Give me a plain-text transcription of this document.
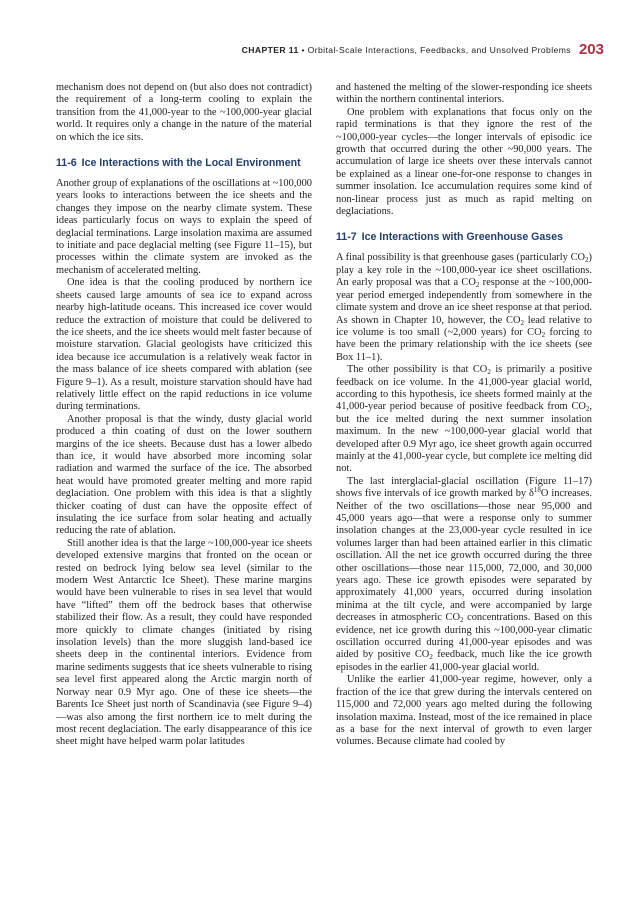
CHAPTER 11 • Orbital-Scale Interactions, Feedbacks, and Unsolved Problems 203

mechanism does not depend on (but also does not contradict) the requirement of a long-term cooling to explain the transition from the 41,000-year to the ~100,000-year glacial world. It requires only a change in the nature of the material on which the ice sits.

11-6 Ice Interactions with the Local Environment

Another group of explanations of the oscillations at ~100,000 years looks to interactions between the ice sheets and the changes they impose on the nearby climate system. These ideas particularly focus on ways to explain the speed of deglacial terminations. Large insolation maxima are assumed to initiate and pace deglacial melting (see Figure 11–15), but processes within the climate system are invoked as the mechanism of accelerated melting.

One idea is that the cooling produced by northern ice sheets caused large amounts of sea ice to expand across nearby high-latitude oceans. This increased ice cover would reduce the extraction of moisture that could be delivered to the ice sheets, and the ice sheets would melt faster because of moisture starvation. Glacial geologists have criticized this idea because ice accumulation is a relatively weak factor in the mass balance of ice sheets compared with ablation (see Figure 9–1). As a result, moisture starvation should have had relatively little effect on the rapid reductions in ice volume during terminations.

Another proposal is that the windy, dusty glacial world produced a thin coating of dust on the lower southern margins of the ice sheets. Because dust has a lower albedo than ice, it would have absorbed more incoming solar radiation and warmed the surface of the ice. The absorbed heat would have promoted greater melting and more rapid deglaciation. One problem with this idea is that a slightly thicker coating of dust can have the opposite effect of insulating the ice surface from solar heating and actually reducing the rate of ablation.

Still another idea is that the large ~100,000-year ice sheets developed extensive margins that fronted on the ocean or rested on bedrock lying below sea level (similar to the modern West Antarctic Ice Sheet). These marine margins would have been vulnerable to rises in sea level that would have “lifted” them off the bedrock bases that otherwise stabilized their flow. As a result, they could have responded more quickly to climate changes (initiated by rising insolation levels) than the more sluggish land-based ice sheets deep in the continental interiors. Evidence from marine sediments suggests that ice sheets vulnerable to rising sea level first appeared along the Arctic margin north of Norway near 0.9 Myr ago. One of these ice sheets—the Barents Ice Sheet just north of Scandinavia (see Figure 9–4)—was also among the first northern ice to melt during the most recent deglaciation. The early disappearance of this ice sheet might have helped warm polar latitudes

and hastened the melting of the slower-responding ice sheets within the northern continental interiors.

One problem with explanations that focus only on the rapid terminations is that they ignore the rest of the ~100,000-year cycles—the longer intervals of episodic ice growth that occurred during the other ~90,000 years. The accumulation of large ice sheets over these intervals cannot be explained as a linear one-for-one response to changes in summer insolation. Ice accumulation requires some kind of non-linear process just as much as rapid melting on deglaciations.

11-7 Ice Interactions with Greenhouse Gases

A final possibility is that greenhouse gases (particularly $CO_2$) play a key role in the ~100,000-year ice sheet oscillations. An early proposal was that a $CO_2$ response at the ~100,000-year period emerged independently from somewhere in the climate system and drove an ice sheet response at that period. As shown in Chapter 10, however, the $CO_2$ lead relative to ice volume is too small (~2,000 years) for $CO_2$ forcing to have been the primary relationship with the ice sheets (see Box 11–1).

The other possibility is that $CO_2$ is primarily a positive feedback on ice volume. In the 41,000-year glacial world, according to this hypothesis, ice sheets formed mainly at the 41,000-year period because of positive feedback from $CO_2$, but the ice melted during the next summer insolation maximum. In the new ~100,000-year glacial world that developed after 0.9 Myr ago, ice sheet growth again occurred mainly at the 41,000-year cycle, but complete ice melting did not.

The last interglacial-glacial oscillation (Figure 11–17) shows five intervals of ice growth marked by $\delta^{18}O$ increases. Neither of the two oscillations—those near 95,000 and 45,000 years ago—that were a response only to summer insolation changes at the 23,000-year cycle resulted in ice volumes larger than had been attained earlier in this climatic oscillation. All the net ice growth occurred during the three other oscillations—those near 115,000, 72,000, and 30,000 years ago. These ice growth episodes were separated by approximately 41,000 years, occurred during insolation minima at the tilt cycle, and were accompanied by large decreases in atmospheric $CO_2$ concentrations. Based on this evidence, net ice growth during this ~100,000-year climatic oscillation occurred during 41,000-year episodes and was aided by positive $CO_2$ feedback, much like the ice growth episodes in the earlier 41,000-year glacial world.

Unlike the earlier 41,000-year regime, however, only a fraction of the ice that grew during the intervals centered on 115,000 and 72,000 years ago melted during the following insolation maxima. Instead, most of the ice remained in place as a base for the next interval of growth to even larger volumes. Because climate had cooled by
